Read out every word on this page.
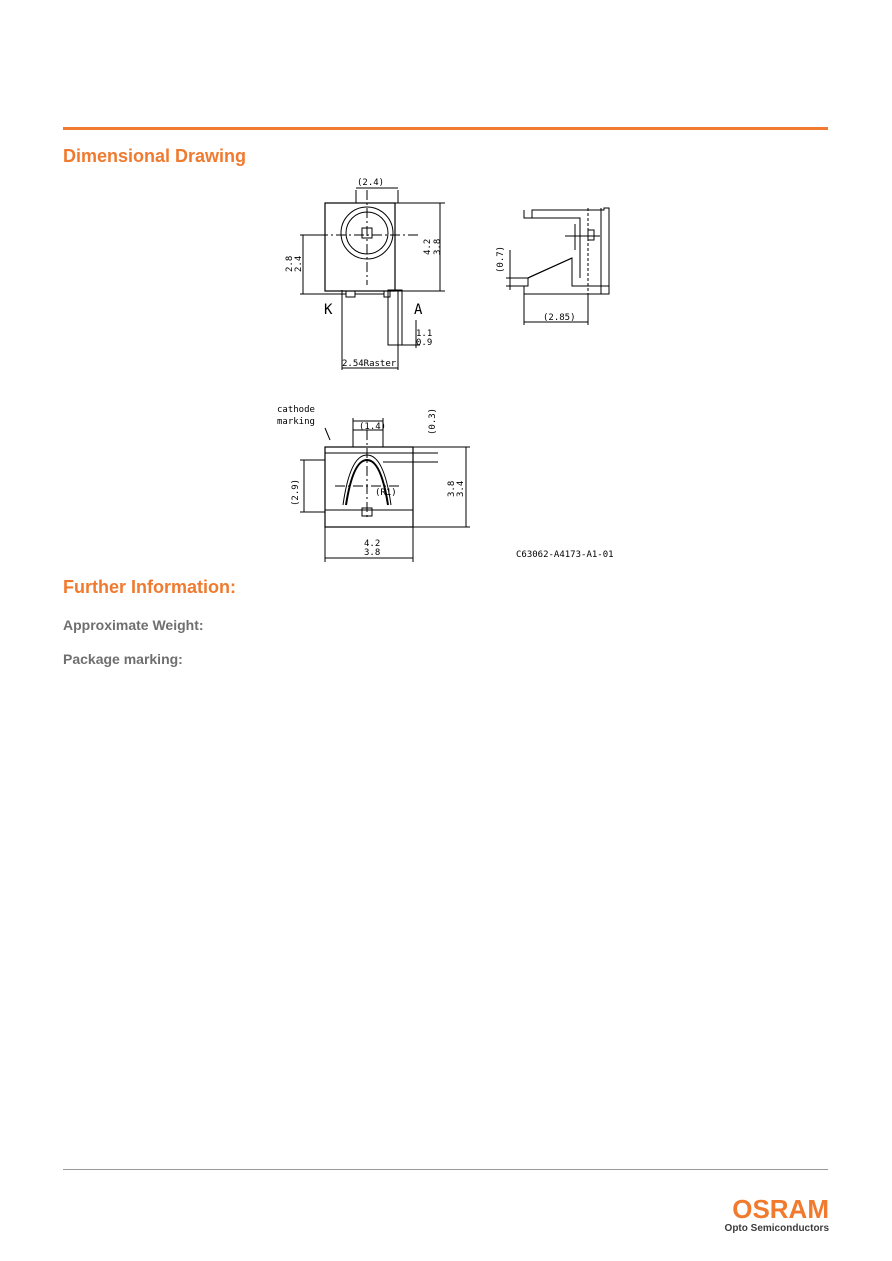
Dimensional Drawing
(2.4)
4.2 3.8
2.8 2.4
K	A
1.1
0.9
2.54Raster
(0.7)
(2.85)
cathode
marking	(1.4)	(0.3)
(2.9)	(R1)	3.8 3.4
4.2
3.8	C63062-A4173-A1-01
Further Information:

Approximate Weight:

Package marking:

OSRAM
Opto Semiconductors
